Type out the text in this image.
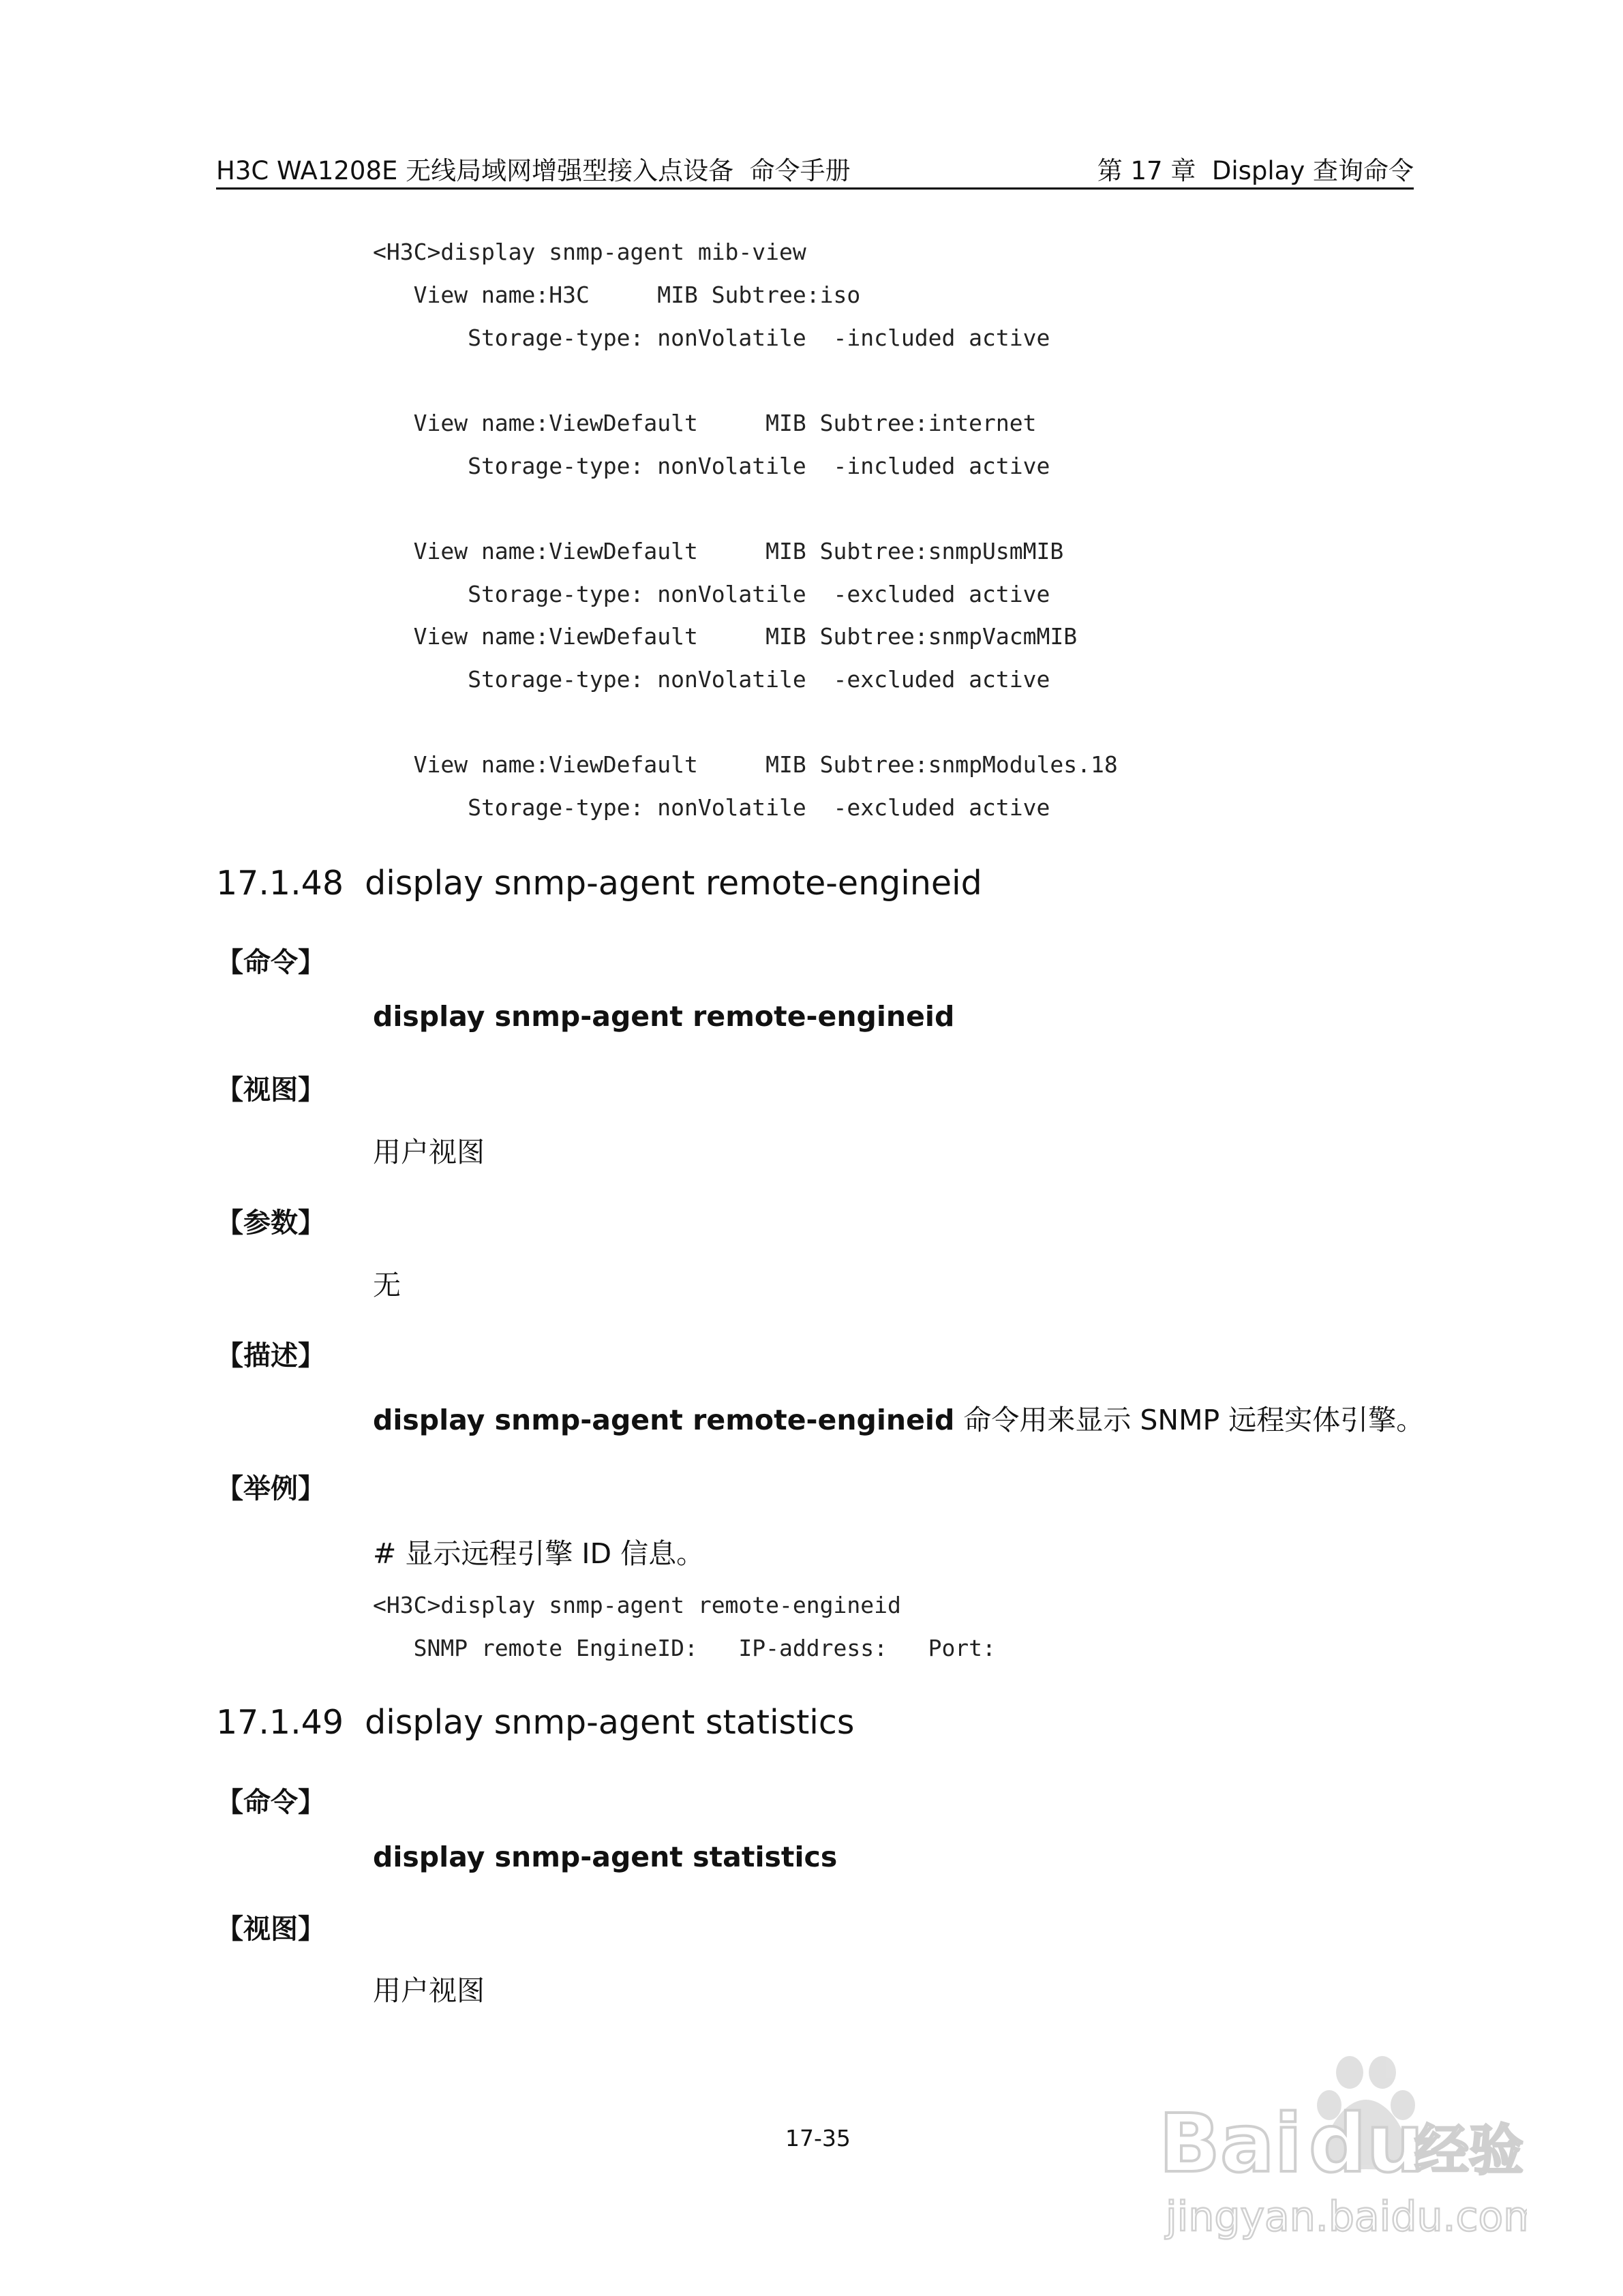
H3C WA1208E 无线局域网增强型接入点设备  命令手册	第 17 章  Display 查询命令
<H3C>display snmp-agent mib-view
View name:H3C     MIB Subtree:iso
Storage-type: nonVolatile  -included active
View name:ViewDefault     MIB Subtree:internet
Storage-type: nonVolatile  -included active
View name:ViewDefault     MIB Subtree:snmpUsmMIB
Storage-type: nonVolatile  -excluded active
View name:ViewDefault     MIB Subtree:snmpVacmMIB
Storage-type: nonVolatile  -excluded active
View name:ViewDefault     MIB Subtree:snmpModules.18
Storage-type: nonVolatile  -excluded active
17.1.48  display snmp-agent remote-engineid
【命令】
display snmp-agent remote-engineid
【视图】
用户视图
【参数】
无
【描述】
display snmp-agent remote-engineid 命令用来显示 SNMP 远程实体引擎。
【举例】
# 显示远程引擎 ID 信息。
<H3C>display snmp-agent remote-engineid
SNMP remote EngineID:   IP-address:   Port:
17.1.49  display snmp-agent statistics
【命令】
display snmp-agent statistics
【视图】
用户视图
17-35	Bai du
经验
jingyan.baidu.com
